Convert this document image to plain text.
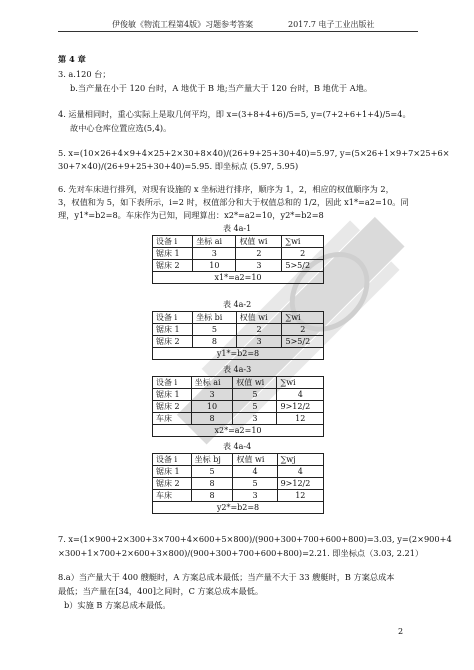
伊俊敏《物流工程第4版》习题参考答案	2017.7 电子工业出版社
第 4 章
3. a.120 台；
b.当产量在小于 120 台时，A 地优于 B 地;当产量大于 120 台时，B 地优于 A地。
4. 运量相同时，重心实际上是取几何平均，即 x=(3+8+4+6)/5=5, y=(7+2+6+1+4)/5=4。
故中心仓库位置应选(5,4)。
5. x=(10×26+4×9+4×25+2×30+8×40)/(26+9+25+30+40)=5.97, y=(5×26+1×9+7×25+6×
30+7×40)/(26+9+25+30+40)=5.95. 即坐标点 (5.97, 5.95)
6. 先对车床进行排列，对现有设施的 x 坐标进行排序，顺序为 1，2，相应的权值顺序为 2，
3，权值和为 5，如下表所示，i=2 时，权值部分和大于权值总和的 1/2，因此 x1*=a2=10。同
理，y1*=b2=8。车床作为已知，同理算出：x2*=a2=10，y2*=b2=8
表 4a-1
设备 i	坐标 ai	权值 wi	∑wi
锯床 1	3	2	2
锯床 2	10	3	5>5/2
x1*=a2=10			
表 4a-2
设备 i	坐标 bi	权值 wi	∑wi
锯床 1	5	2	2
锯床 2	8	3	5>5/2
y1*=b2=8			
表 4a-3
设备 i	坐标 ai	权值 wi	∑wi
锯床 1	3	5	4
锯床 2	10	5	9>12/2
车床	8	3	12
x2*=a2=10			
表 4a-4
设备 i	坐标 bj	权值 wi	∑wj
锯床 1	5	4	4
锯床 2	8	5	9>12/2
车床	8	3	12
y2*=b2=8			
7. x=(1×900+2×300+3×700+4×600+5×800)/(900+300+700+600+800)=3.03, y=(2×900+4
×300+1×700+2×600+3×800)/(900+300+700+600+800)=2.21. 即坐标点（3.03, 2.21）
8.a）当产量大于 400 艘艇时，A 方案总成本最低；当产量不大于 33 艘艇时，B 方案总成本
最低；当产量在[34，400]之间时，C 方案总成本最低。
b）实施 B 方案总成本最低。
2
